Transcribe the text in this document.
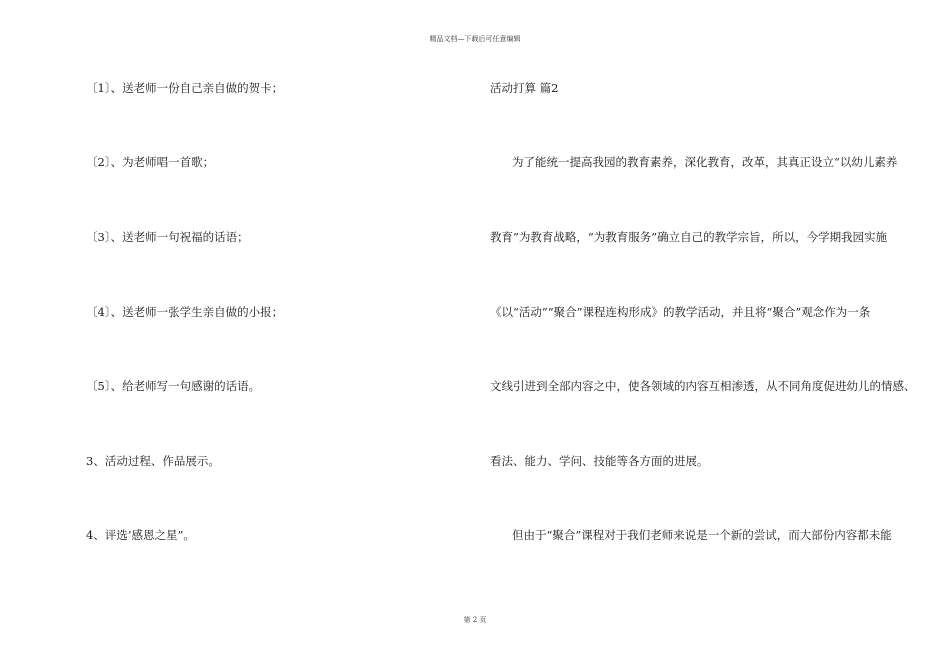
精品文档—下载后可任意编辑
〔1〕、送老师一份自己亲自做的贺卡；
〔2〕、为老师唱一首歌；
〔3〕、送老师一句祝福的话语；
〔4〕、送老师一张学生亲自做的小报；
〔5〕、给老师写一句感谢的话语。
3、活动过程、作品展示。
4、评选’感恩之星”。
活动打算 篇2
为了能统一提高我园的教育素养，深化教育，改革，其真正设立“以幼儿素养
教育”为教育战略，“为教育服务”确立自己的教学宗旨，所以，今学期我园实施
《以“活动”“聚合”课程连构形成》的教学活动，并且将“聚合”观念作为一条
文线引进到全部内容之中，使各领域的内容互相渗透，从不同角度促进幼儿的情感、
看法、能力、学问、技能等各方面的进展。
但由于“聚合”课程对于我们老师来说是一个新的尝试，而大部份内容都未能
第 2 页
